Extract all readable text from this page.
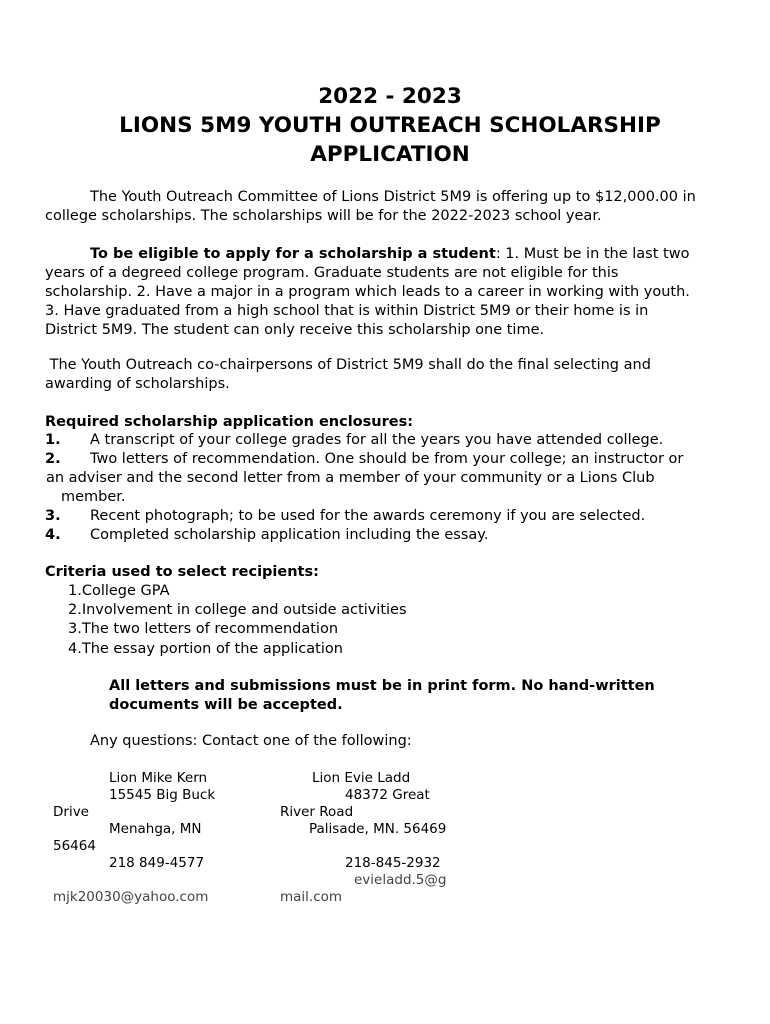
2022 - 2023
LIONS 5M9 YOUTH OUTREACH SCHOLARSHIP
APPLICATION
The Youth Outreach Committee of Lions District 5M9 is offering up to $12,000.00 in
college scholarships. The scholarships will be for the 2022-2023 school year.
To be eligible to apply for a scholarship a student: 1. Must be in the last two
years of a degreed college program. Graduate students are not eligible for this
scholarship. 2. Have a major in a program which leads to a career in working with youth.
3. Have graduated from a high school that is within District 5M9 or their home is in
District 5M9. The student can only receive this scholarship one time.
The Youth Outreach co-chairpersons of District 5M9 shall do the final selecting and
awarding of scholarships.
Required scholarship application enclosures:
1. A transcript of your college grades for all the years you have attended college.
2. Two letters of recommendation. One should be from your college; an instructor or
an adviser and the second letter from a member of your community or a Lions Club
member.
3. Recent photograph; to be used for the awards ceremony if you are selected.
4. Completed scholarship application including the essay.
Criteria used to select recipients:
1.College GPA
2.Involvement in college and outside activities
3.The two letters of recommendation
4.The essay portion of the application
All letters and submissions must be in print form. No hand-written
documents will be accepted.
Any questions: Contact one of the following:
Lion Mike Kern
15545 Big Buck
Drive
Menahga, MN
56464
218 849-4577
mjk20030@yahoo.com
Lion Evie Ladd
48372 Great
River Road
Palisade, MN. 56469
218-845-2932
evieladd.5@g
mail.com
